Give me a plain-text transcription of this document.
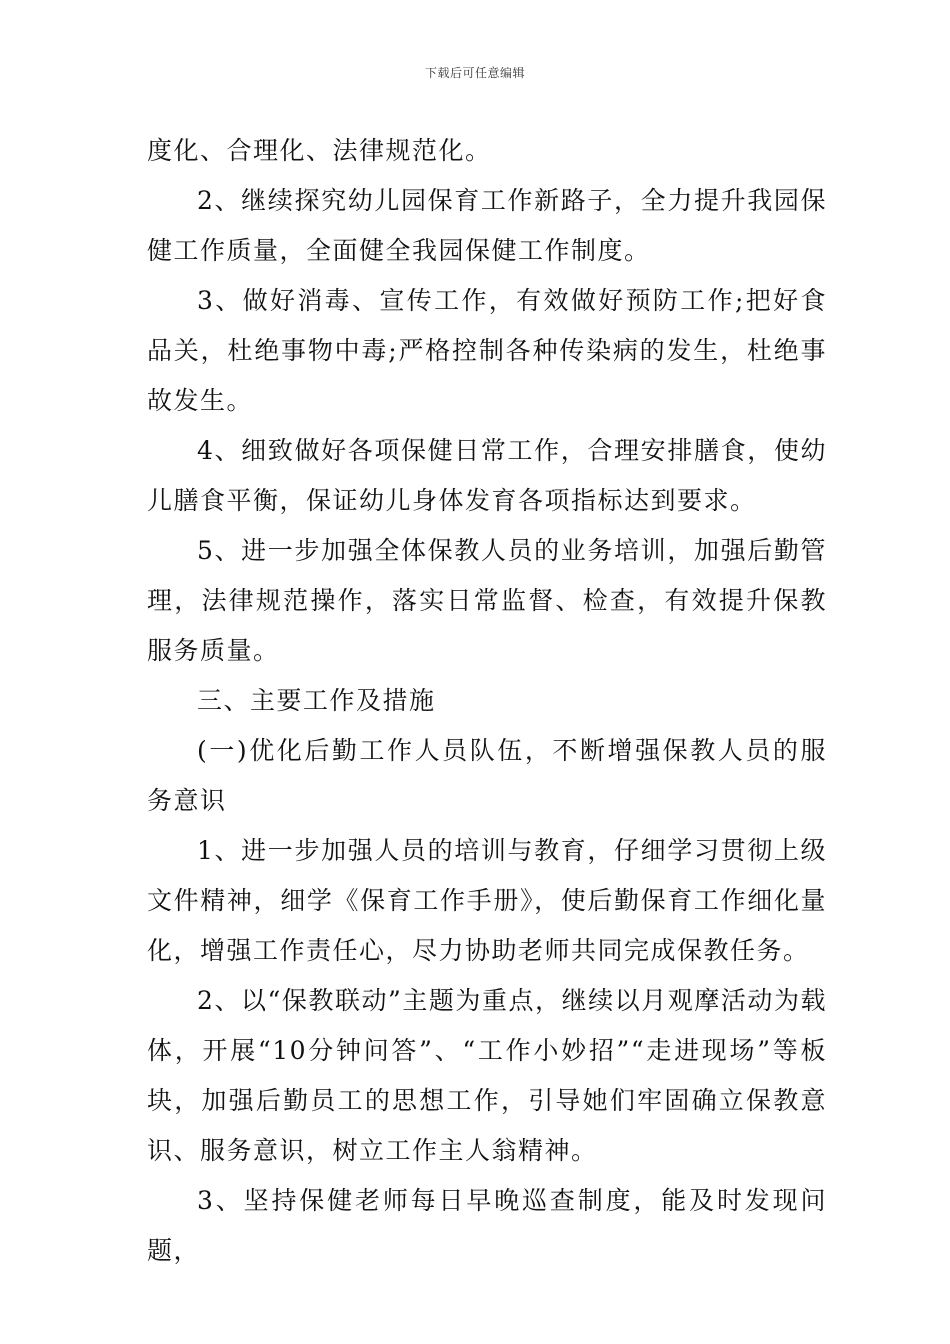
下载后可任意编辑

度化、合理化、法律规范化。

2、继续探究幼儿园保育工作新路子，全力提升我园保健工作质量，全面健全我园保健工作制度。

3、做好消毒、宣传工作，有效做好预防工作;把好食品关，杜绝事物中毒;严格控制各种传染病的发生，杜绝事故发生。

4、细致做好各项保健日常工作，合理安排膳食，使幼儿膳食平衡，保证幼儿身体发育各项指标达到要求。

5、进一步加强全体保教人员的业务培训，加强后勤管理，法律规范操作，落实日常监督、检查，有效提升保教服务质量。

三、主要工作及措施

(一)优化后勤工作人员队伍，不断增强保教人员的服务意识

1、进一步加强人员的培训与教育，仔细学习贯彻上级文件精神，细学《保育工作手册》，使后勤保育工作细化量化，增强工作责任心，尽力协助老师共同完成保教任务。

2、以“保教联动”主题为重点，继续以月观摩活动为载体，开展“10分钟问答”、“工作小妙招”“走进现场”等板块，加强后勤员工的思想工作，引导她们牢固确立保教意识、服务意识，树立工作主人翁精神。

3、坚持保健老师每日早晚巡查制度，能及时发现问题，
